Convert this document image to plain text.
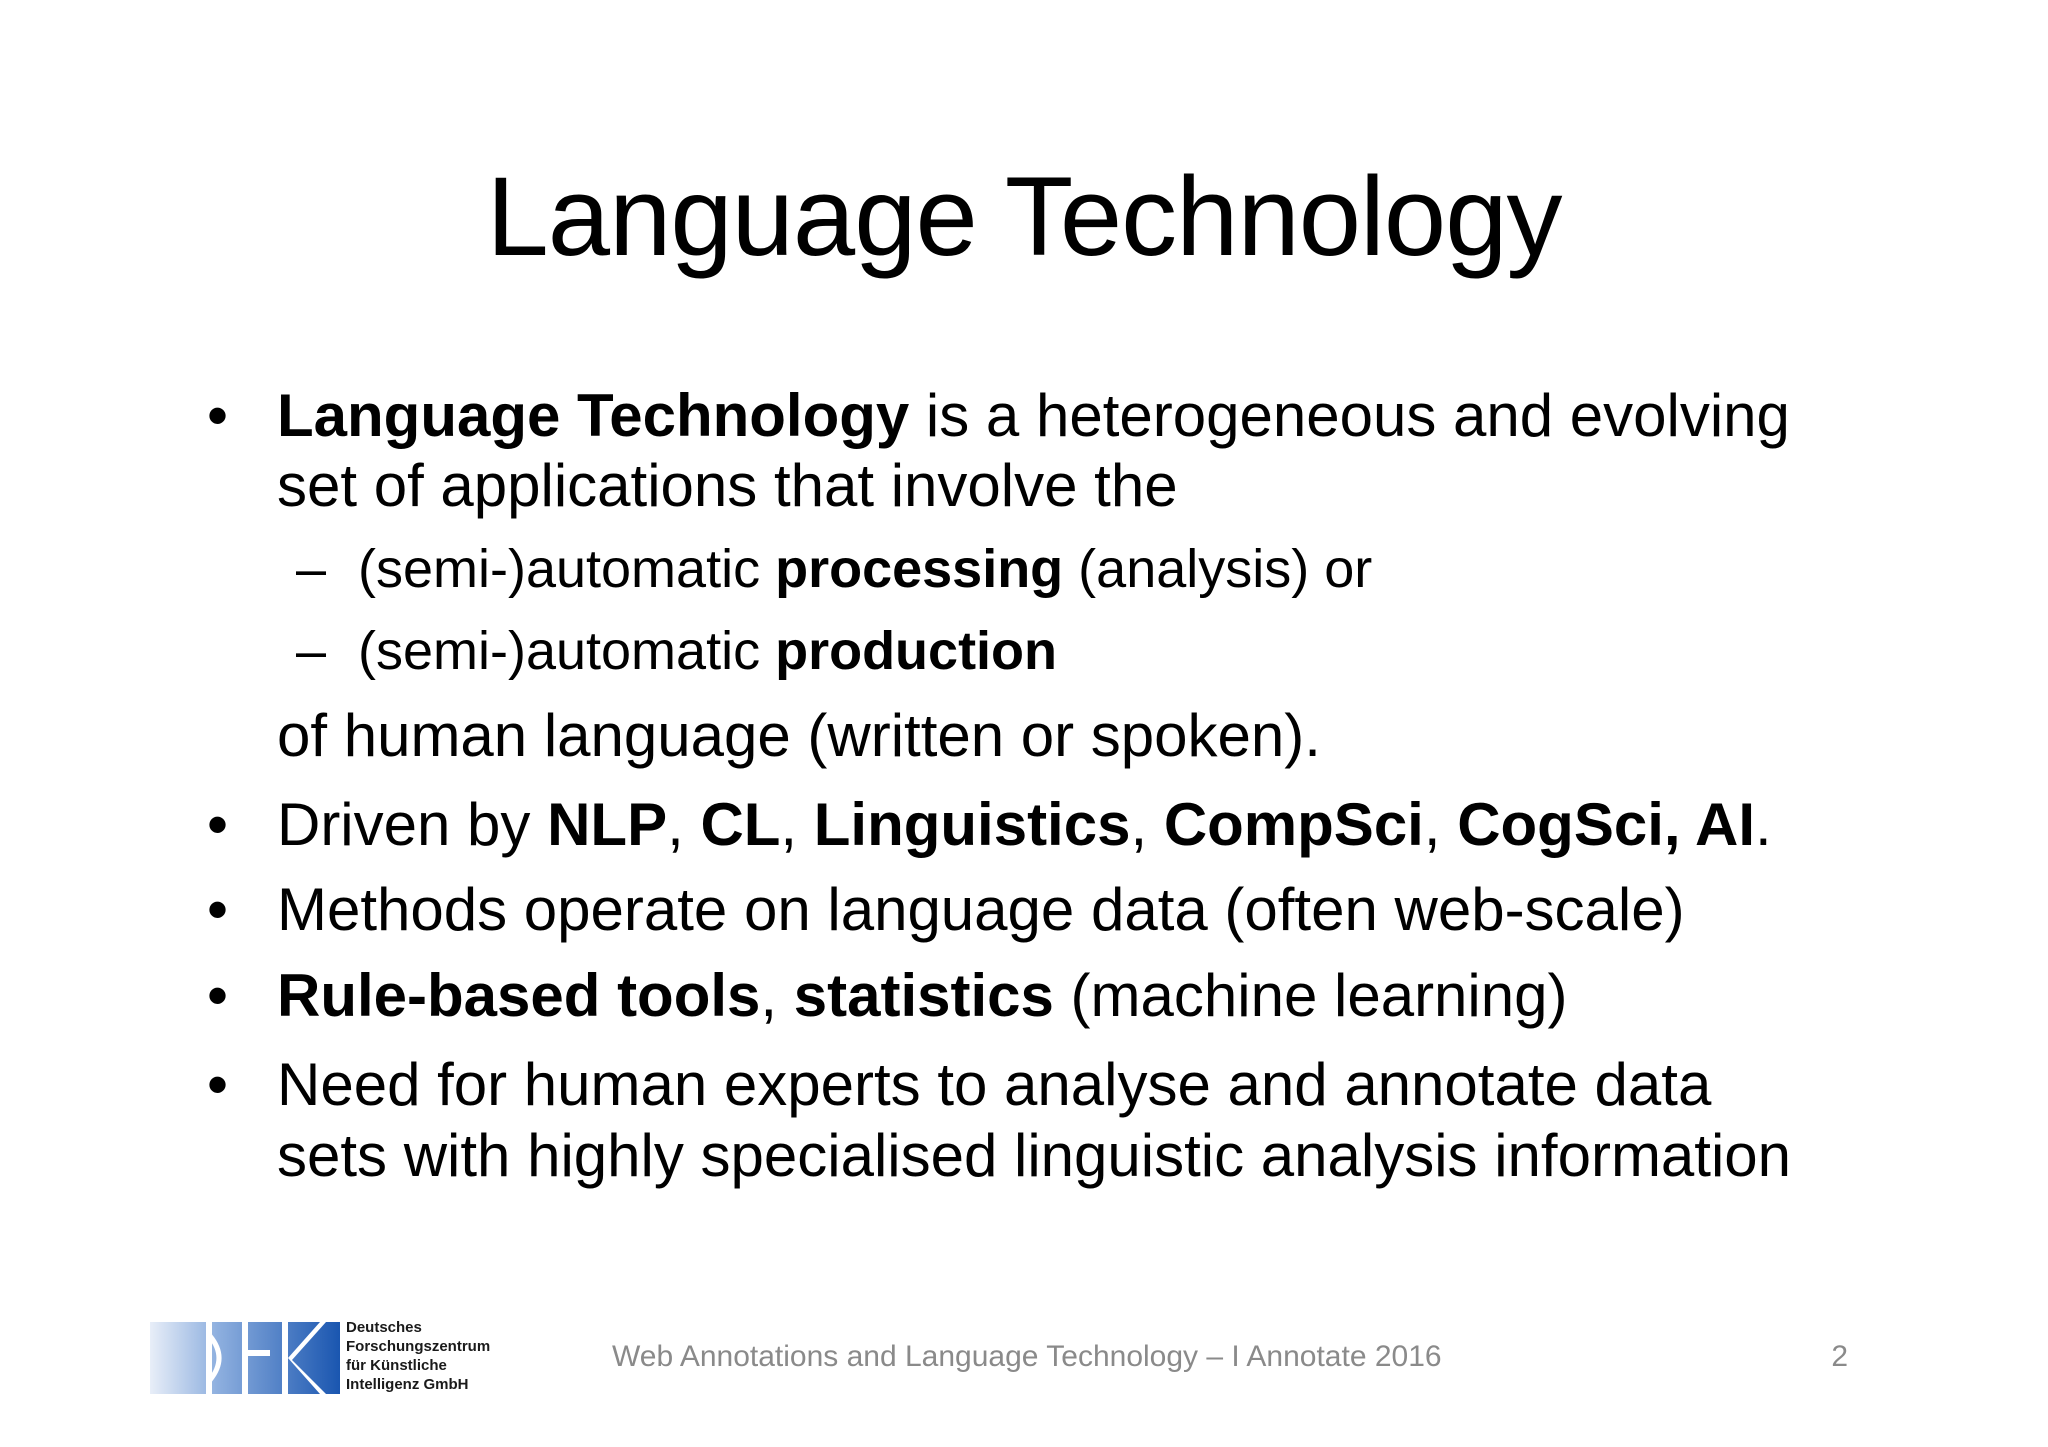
Language Technology
• Language Technology is a heterogeneous and evolving
set of applications that involve the
– (semi-)automatic processing (analysis) or
– (semi-)automatic production
of human language (written or spoken).
• Driven by NLP, CL, Linguistics, CompSci, CogSci, AI.
• Methods operate on language data (often web-scale)
• Rule-based tools, statistics (machine learning)
• Need for human experts to analyse and annotate data
sets with highly specialised linguistic analysis information
Deutsches
Forschungszentrum
für Künstliche
Intelligenz GmbH
Web Annotations and Language Technology – I Annotate 2016	2
